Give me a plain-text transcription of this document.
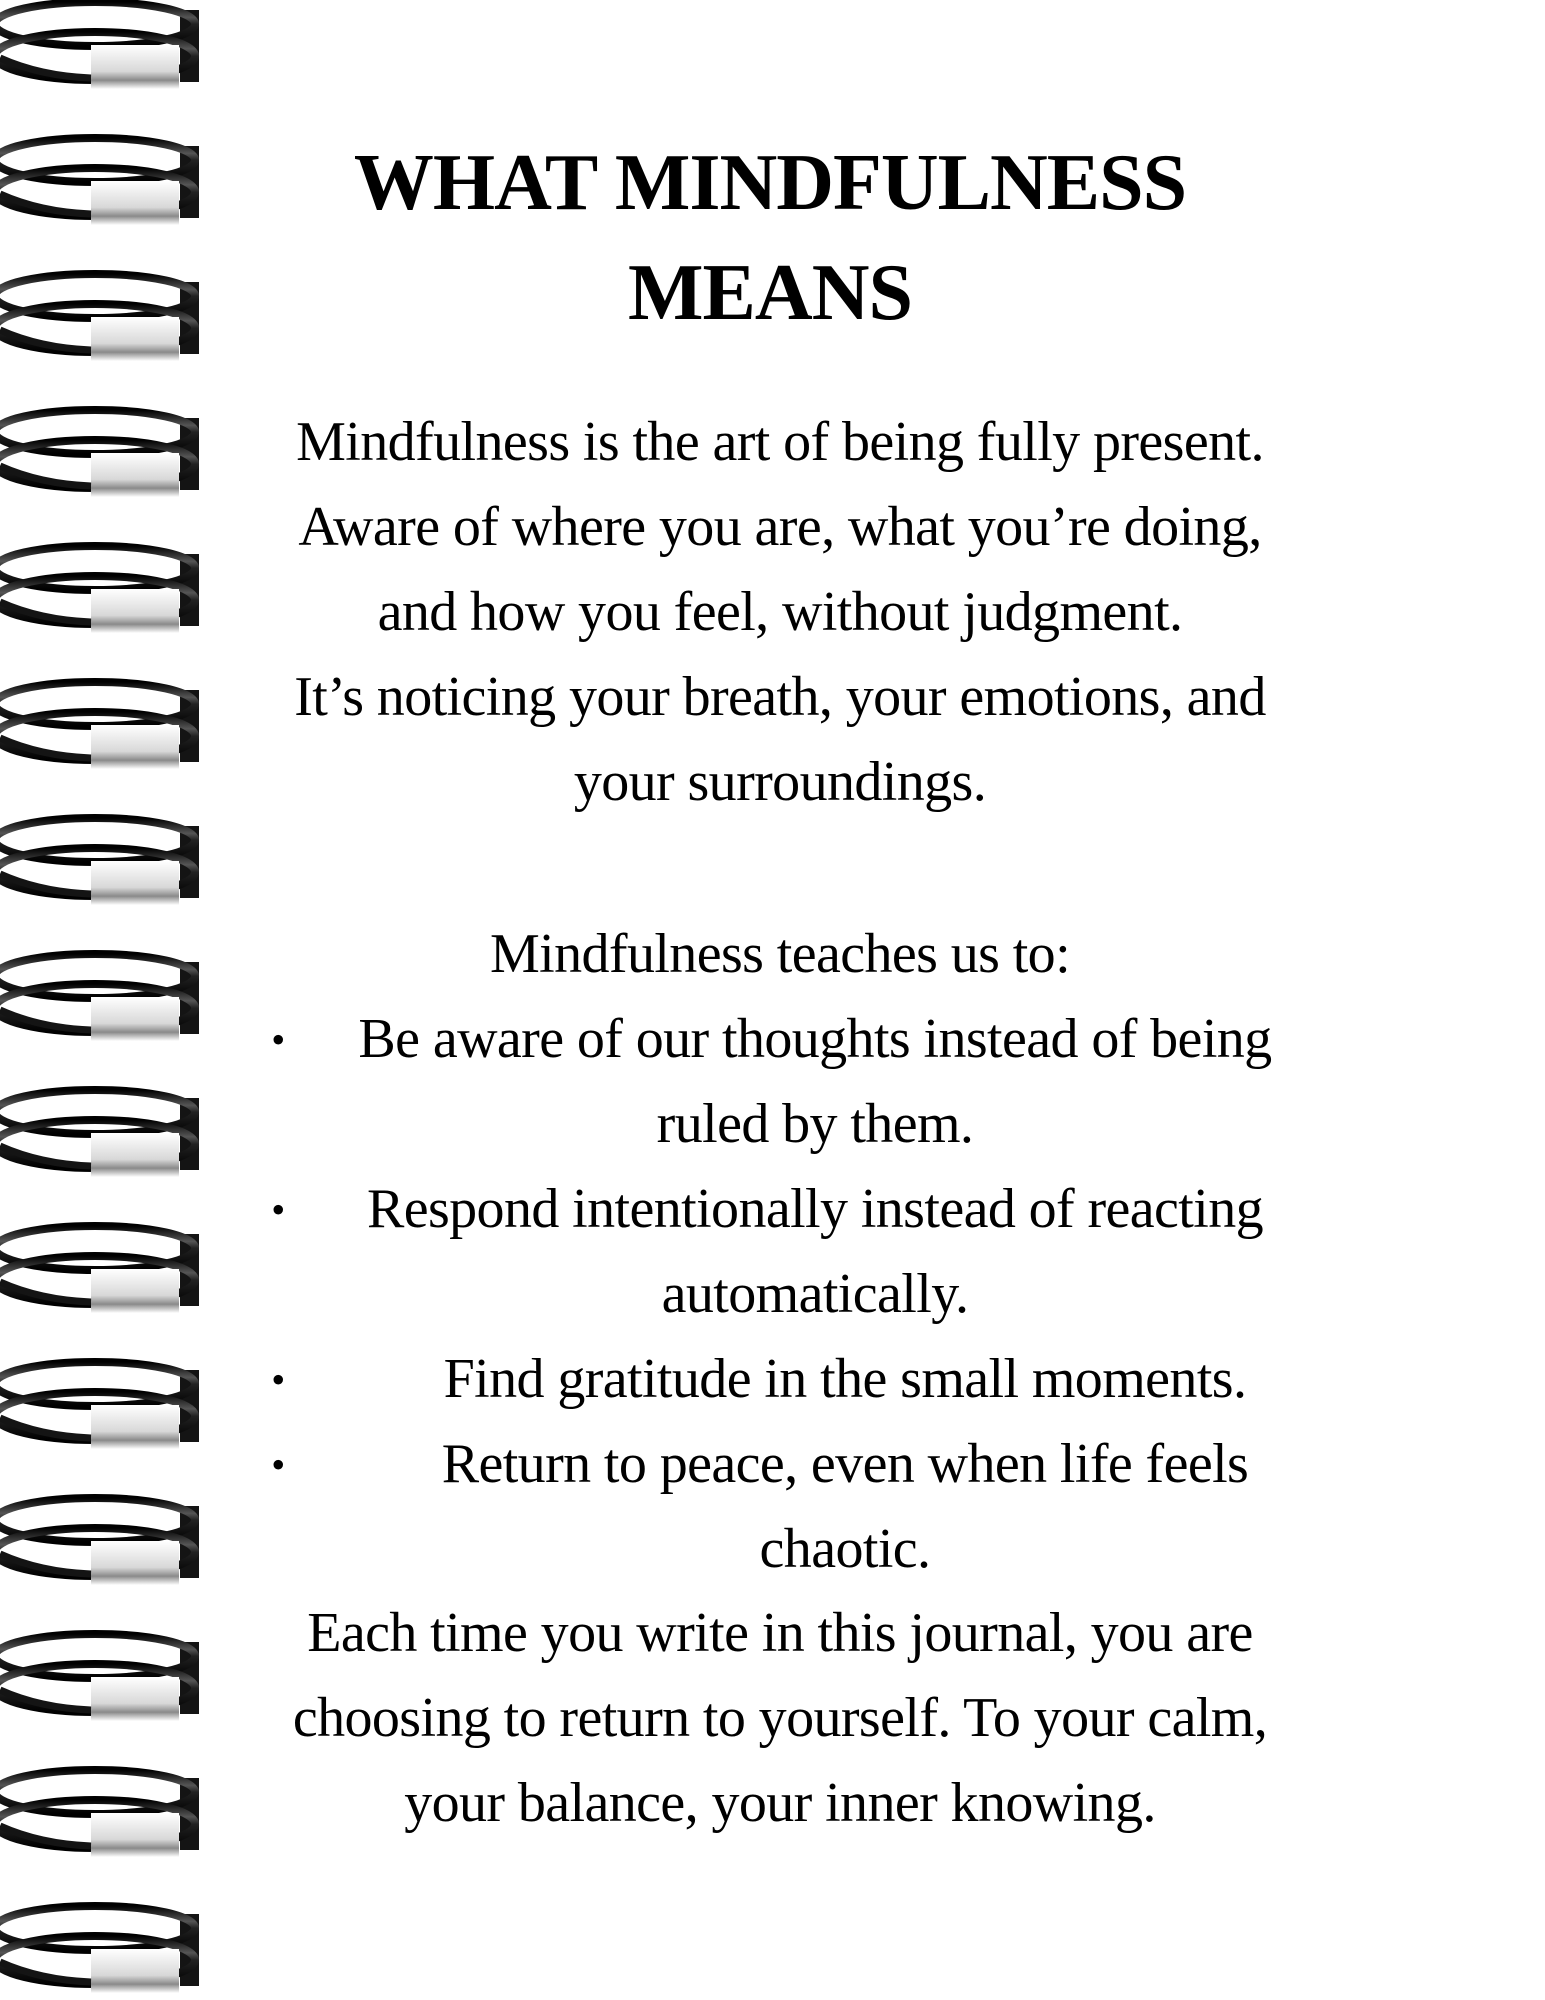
WHAT MINDFULNESS
MEANS

Mindfulness is the art of being fully present.
Aware of where you are, what you’re doing,
and how you feel, without judgment.
It’s noticing your breath, your emotions, and
your surroundings.

Mindfulness teaches us to:

•	Be aware of our thoughts instead of being
ruled by them.
•	Respond intentionally instead of reacting
automatically.
•	Find gratitude in the small moments.
•	Return to peace, even when life feels
chaotic.

Each time you write in this journal, you are
choosing to return to yourself. To your calm,
your balance, your inner knowing.
